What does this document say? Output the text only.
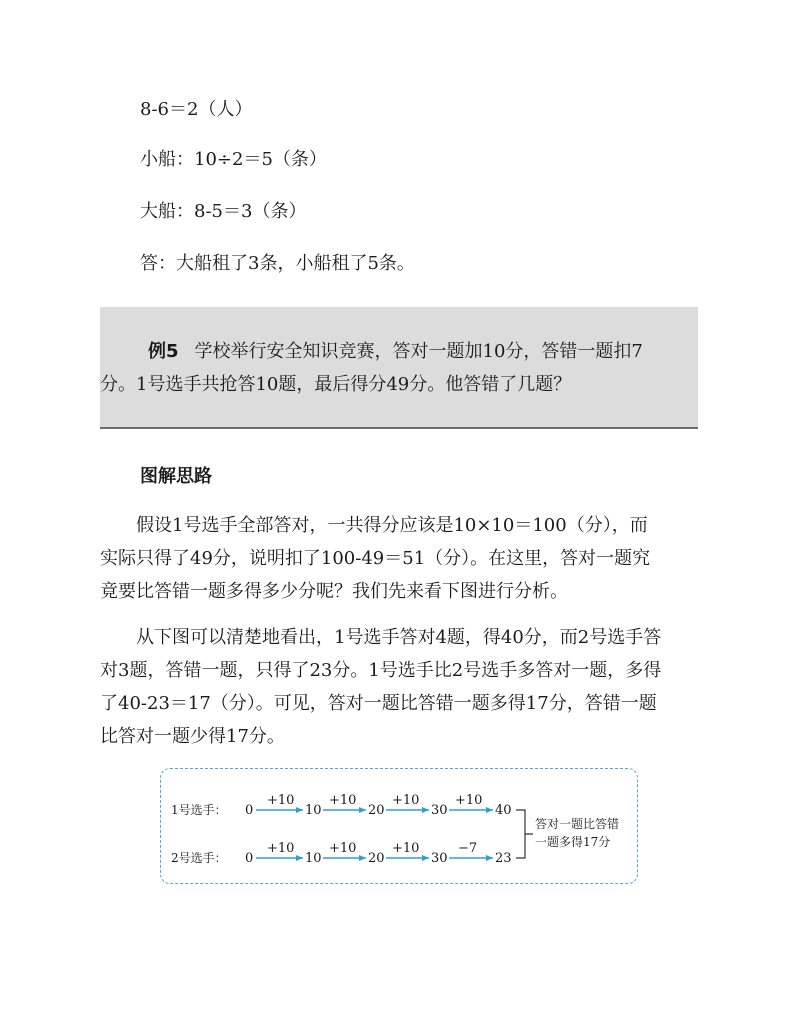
8-6＝2（人）
小船：10÷2＝5（条）
大船：8-5＝3（条）
答：大船租了3条，小船租了5条。
例5 学校举行安全知识竞赛，答对一题加10分，答错一题扣7
分。1号选手共抢答10题，最后得分49分。他答错了几题？
图解思路
　　假设1号选手全部答对，一共得分应该是10×10＝100（分），而
实际只得了49分，说明扣了100-49＝51（分）。在这里，答对一题究
竟要比答错一题多得多少分呢？我们先来看下图进行分析。
　　从下图可以清楚地看出，1号选手答对4题，得40分，而2号选手答
对3题，答错一题，只得了23分。1号选手比2号选手多答对一题，多得
了40-23＝17（分）。可见，答对一题比答错一题多得17分，答错一题
比答对一题少得17分。
1号选手： 0	10	20	30	40
+10	+10	+10	+10
2号选手： 0	10	20	30	23
+10	+10	+10	−7
答对一题比答错
一题多得17分
